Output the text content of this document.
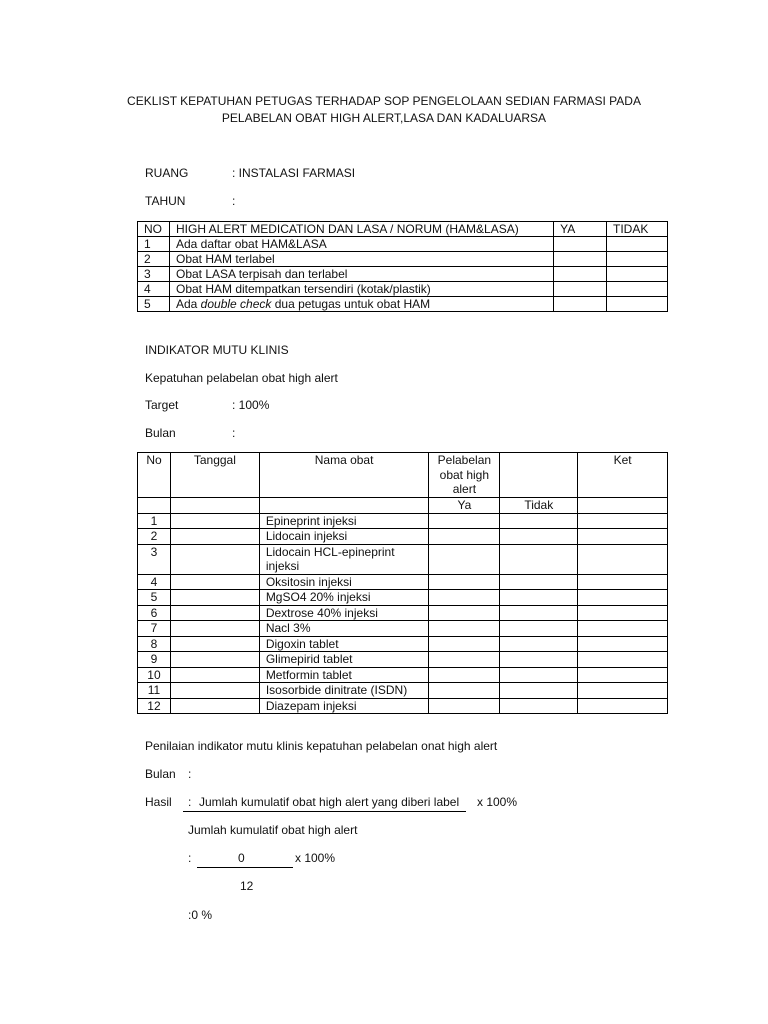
CEKLIST KEPATUHAN PETUGAS TERHADAP SOP PENGELOLAAN SEDIAN FARMASI PADA
PELABELAN OBAT HIGH ALERT,LASA DAN KADALUARSA
RUANG	: INSTALASI FARMASI
TAHUN	:
NO	HIGH ALERT MEDICATION DAN LASA / NORUM (HAM&LASA)	YA	TIDAK
1	Ada daftar obat HAM&LASA		
2	Obat HAM terlabel		
3	Obat LASA terpisah dan terlabel		
4	Obat HAM ditempatkan tersendiri (kotak/plastik)		
5	Ada double check dua petugas untuk obat HAM		
INDIKATOR MUTU KLINIS
Kepatuhan pelabelan obat high alert
Target	: 100%
Bulan	:
No	Tanggal	Nama obat	Pelabelan
obat high
alert		Ket
			Ya	Tidak	
1		Epineprint injeksi			

2		Lidocain injeksi			

3		Lidocain HCL-epineprint
injeksi			

4		Oksitosin injeksi			

5		MgSO4 20% injeksi			

6		Dextrose 40% injeksi			

7		Nacl 3%			

8		Digoxin tablet			

9		Glimepirid tablet			

10		Metformin tablet			

11		Isosorbide dinitrate (ISDN)			

12		Diazepam injeksi			

Penilaian indikator mutu klinis kepatuhan pelabelan onat high alert
Bulan :
Hasil : Jumlah kumulatif obat high alert yang diberi label x 100%
Jumlah kumulatif obat high alert
:	0	x 100%
12
:0 %
